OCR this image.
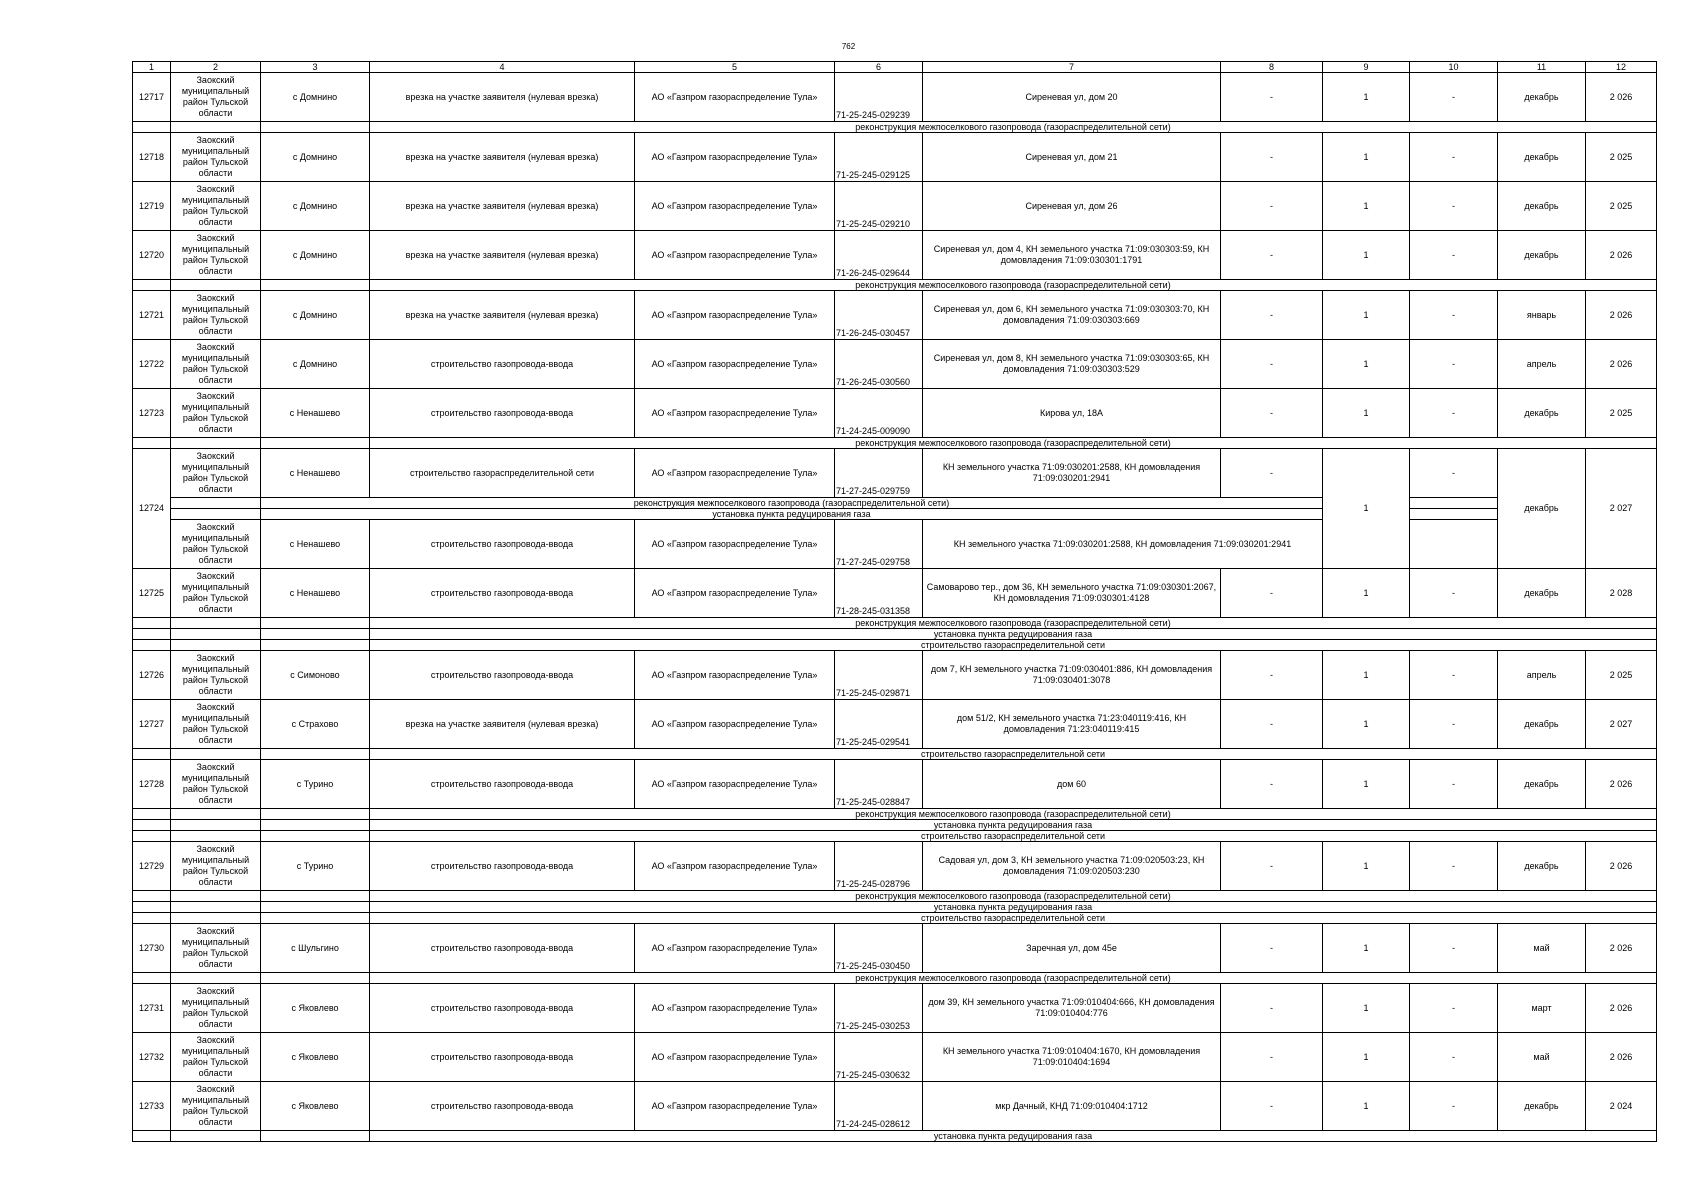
762
1	2	3	4	5	6	7	8	9	10	11	12
12717	Заокский муниципальный район Тульской области	с Домнино	врезка на участке заявителя (нулевая врезка)	АО «Газпром газораспределение Тула»	71-25-245-029239	Сиреневая ул, дом 20	-	1	-	декабрь	2 026
			реконструкция межпоселкового газопровода (газораспределительной сети)								
12718	Заокский муниципальный район Тульской области	с Домнино	врезка на участке заявителя (нулевая врезка)	АО «Газпром газораспределение Тула»	71-25-245-029125	Сиреневая ул, дом 21	-	1	-	декабрь	2 025
12719	Заокский муниципальный район Тульской области	с Домнино	врезка на участке заявителя (нулевая врезка)	АО «Газпром газораспределение Тула»	71-25-245-029210	Сиреневая ул, дом 26	-	1	-	декабрь	2 025
12720	Заокский муниципальный район Тульской области	с Домнино	врезка на участке заявителя (нулевая врезка)	АО «Газпром газораспределение Тула»	71-26-245-029644	Сиреневая ул, дом 4, КН земельного участка 71:09:030303:59, КН домовладения 71:09:030301:1791	-	1	-	декабрь	2 026
			реконструкция межпоселкового газопровода (газораспределительной сети)								
12721	Заокский муниципальный район Тульской области	с Домнино	врезка на участке заявителя (нулевая врезка)	АО «Газпром газораспределение Тула»	71-26-245-030457	Сиреневая ул, дом 6, КН земельного участка 71:09:030303:70, КН домовладения 71:09:030303:669	-	1	-	январь	2 026
12722	Заокский муниципальный район Тульской области	с Домнино	строительство газопровода-ввода	АО «Газпром газораспределение Тула»	71-26-245-030560	Сиреневая ул, дом 8, КН земельного участка 71:09:030303:65, КН домовладения 71:09:030303:529	-	1	-	апрель	2 026
12723	Заокский муниципальный район Тульской области	с Ненашево	строительство газопровода-ввода	АО «Газпром газораспределение Тула»	71-24-245-009090	Кирова ул, 18А	-	1	-	декабрь	2 025
			реконструкция межпоселкового газопровода (газораспределительной сети)								
12724	Заокский муниципальный район Тульской области	с Ненашево	строительство газораспределительной сети	АО «Газпром газораспределение Тула»	71-27-245-029759	КН земельного участка 71:09:030201:2588, КН домовладения 71:09:030201:2941	-	1	-	декабрь	2 027
		реконструкция межпоселкового газопровода (газораспределительной сети)									
		установка пункта редуцирования газа									
	Заокский муниципальный район Тульской области	с Ненашево	строительство газопровода-ввода	АО «Газпром газораспределение Тула»	71-27-245-029758	КН земельного участка 71:09:030201:2588, КН домовладения 71:09:030201:2941					
12725	Заокский муниципальный район Тульской области	с Ненашево	строительство газопровода-ввода	АО «Газпром газораспределение Тула»	71-28-245-031358	Самоварово тер., дом 36, КН земельного участка 71:09:030301:2067, КН домовладения 71:09:030301:4128	-	1	-	декабрь	2 028
			реконструкция межпоселкового газопровода (газораспределительной сети)								
			установка пункта редуцирования газа								
			строительство газораспределительной сети								
12726	Заокский муниципальный район Тульской области	с Симоново	строительство газопровода-ввода	АО «Газпром газораспределение Тула»	71-25-245-029871	дом 7, КН земельного участка 71:09:030401:886, КН домовладения 71:09:030401:3078	-	1	-	апрель	2 025
12727	Заокский муниципальный район Тульской области	с Страхово	врезка на участке заявителя (нулевая врезка)	АО «Газпром газораспределение Тула»	71-25-245-029541	дом 51/2, КН земельного участка 71:23:040119:416, КН домовладения 71:23:040119:415	-	1	-	декабрь	2 027
			строительство газораспределительной сети								
12728	Заокский муниципальный район Тульской области	с Турино	строительство газопровода-ввода	АО «Газпром газораспределение Тула»	71-25-245-028847	дом 60	-	1	-	декабрь	2 026
			реконструкция межпоселкового газопровода (газораспределительной сети)								
			установка пункта редуцирования газа								
			строительство газораспределительной сети								
12729	Заокский муниципальный район Тульской области	с Турино	строительство газопровода-ввода	АО «Газпром газораспределение Тула»	71-25-245-028796	Садовая ул, дом 3, КН земельного участка 71:09:020503:23, КН домовладения 71:09:020503:230	-	1	-	декабрь	2 026
			реконструкция межпоселкового газопровода (газораспределительной сети)								
			установка пункта редуцирования газа								
			строительство газораспределительной сети								
12730	Заокский муниципальный район Тульской области	с Шульгино	строительство газопровода-ввода	АО «Газпром газораспределение Тула»	71-25-245-030450	Заречная ул, дом 45е	-	1	-	май	2 026
			реконструкция межпоселкового газопровода (газораспределительной сети)								
12731	Заокский муниципальный район Тульской области	с Яковлево	строительство газопровода-ввода	АО «Газпром газораспределение Тула»	71-25-245-030253	дом 39, КН земельного участка 71:09:010404:666, КН домовладения 71:09:010404:776	-	1	-	март	2 026
12732	Заокский муниципальный район Тульской области	с Яковлево	строительство газопровода-ввода	АО «Газпром газораспределение Тула»	71-25-245-030632	КН земельного участка 71:09:010404:1670, КН домовладения 71:09:010404:1694	-	1	-	май	2 026
12733	Заокский муниципальный район Тульской области	с Яковлево	строительство газопровода-ввода	АО «Газпром газораспределение Тула»	71-24-245-028612	мкр Дачный, КНД 71:09:010404:1712	-	1	-	декабрь	2 024
			установка пункта редуцирования газа								
